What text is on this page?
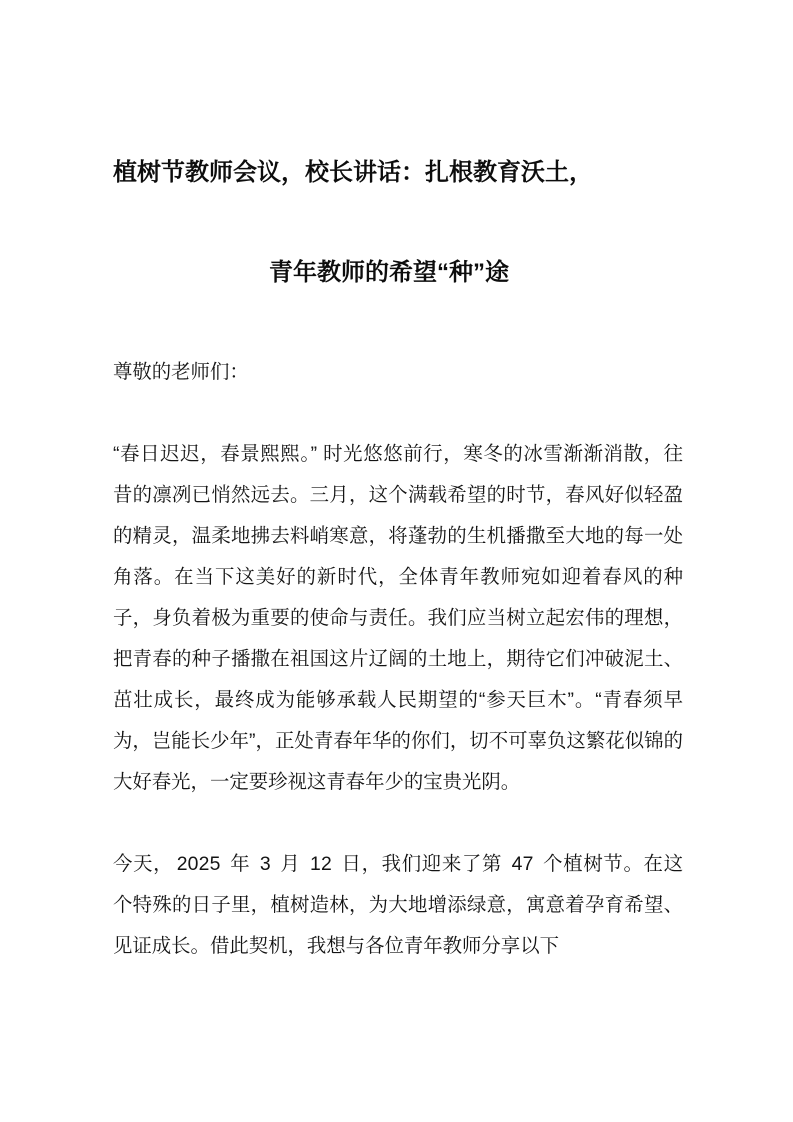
植树节教师会议，校长讲话：扎根教育沃土，
青年教师的希望“种”途

尊敬的老师们：

“春日迟迟，春景熙熙。” 时光悠悠前行，寒冬的冰雪渐渐消散，往昔的凛冽已悄然远去。三月，这个满载希望的时节，春风好似轻盈的精灵，温柔地拂去料峭寒意，将蓬勃的生机播撒至大地的每一处角落。在当下这美好的新时代，全体青年教师宛如迎着春风的种子，身负着极为重要的使命与责任。我们应当树立起宏伟的理想，把青春的种子播撒在祖国这片辽阔的土地上，期待它们冲破泥土、茁壮成长，最终成为能够承载人民期望的“参天巨木”。“青春须早为，岂能长少年”，正处青春年华的你们，切不可辜负这繁花似锦的大好春光，一定要珍视这青春年少的宝贵光阴。

今天， 2025 年 3 月 12 日，我们迎来了第 47 个植树节。在这个特殊的日子里，植树造林，为大地增添绿意，寓意着孕育希望、见证成长。借此契机，我想与各位青年教师分享以下
